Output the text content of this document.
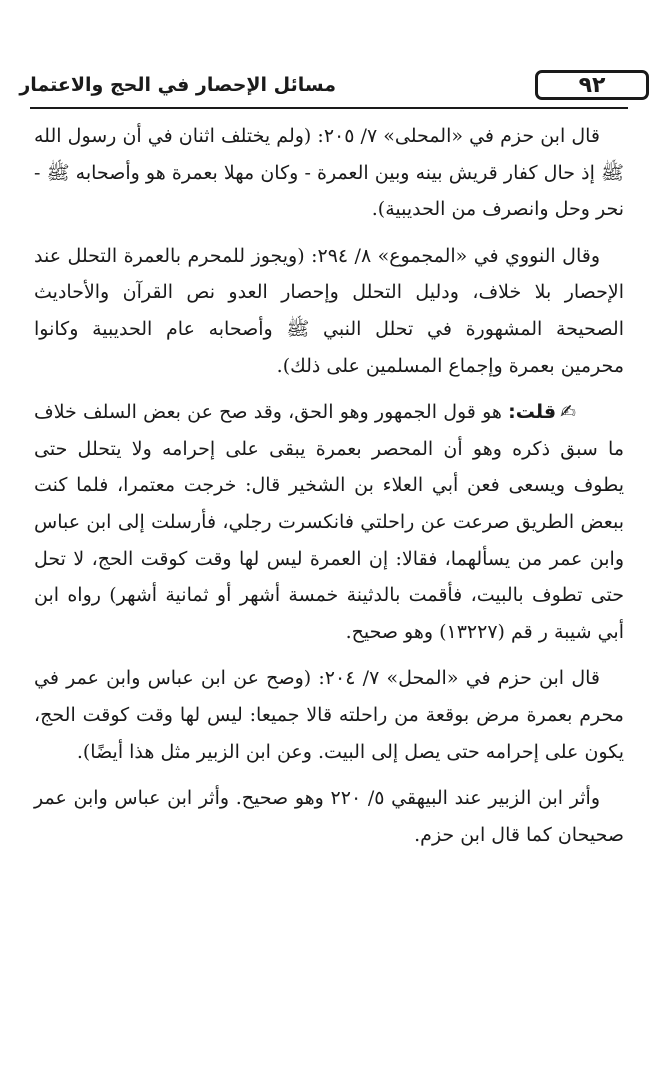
٩٢
مسائل الإحصار في الحج والاعتمار

قال ابن حزم في «المحلى» ٧/ ٢٠٥: (ولم يختلف اثنان في أن رسول الله ﷺ إذ حال كفار قريش بينه وبين العمرة - وكان مهلا بعمرة هو وأصحابه ﷺ - نحر وحل وانصرف من الحديبية).

وقال النووي في «المجموع» ٨/ ٢٩٤: (ويجوز للمحرم بالعمرة التحلل عند الإحصار بلا خلاف، ودليل التحلل وإحصار العدو نص القرآن والأحاديث الصحيحة المشهورة في تحلل النبي ﷺ وأصحابه عام الحديبية وكانوا محرمين بعمرة وإجماع المسلمين على ذلك).

✍قلت: هو قول الجمهور وهو الحق، وقد صح عن بعض السلف خلاف ما سبق ذكره وهو أن المحصر بعمرة يبقى على إحرامه ولا يتحلل حتى يطوف ويسعى فعن أبي العلاء بن الشخير قال: خرجت معتمرا، فلما كنت ببعض الطريق صرعت عن راحلتي فانكسرت رجلي، فأرسلت إلى ابن عباس وابن عمر من يسألهما، فقالا: إن العمرة ليس لها وقت كوقت الحج، لا تحل حتى تطوف بالبيت، فأقمت بالدثينة خمسة أشهر أو ثمانية أشهر) رواه ابن أبي شيبة ر قم (١٣٢٢٧) وهو صحيح.

قال ابن حزم في «المحل» ٧/ ٢٠٤: (وصح عن ابن عباس وابن عمر في محرم بعمرة مرض بوقعة من راحلته قالا جميعا: ليس لها وقت كوقت الحج، يكون على إحرامه حتى يصل إلى البيت. وعن ابن الزبير مثل هذا أيضًا).

وأثر ابن الزبير عند البيهقي ٥/ ٢٢٠ وهو صحيح. وأثر ابن عباس وابن عمر صحيحان كما قال ابن حزم.
